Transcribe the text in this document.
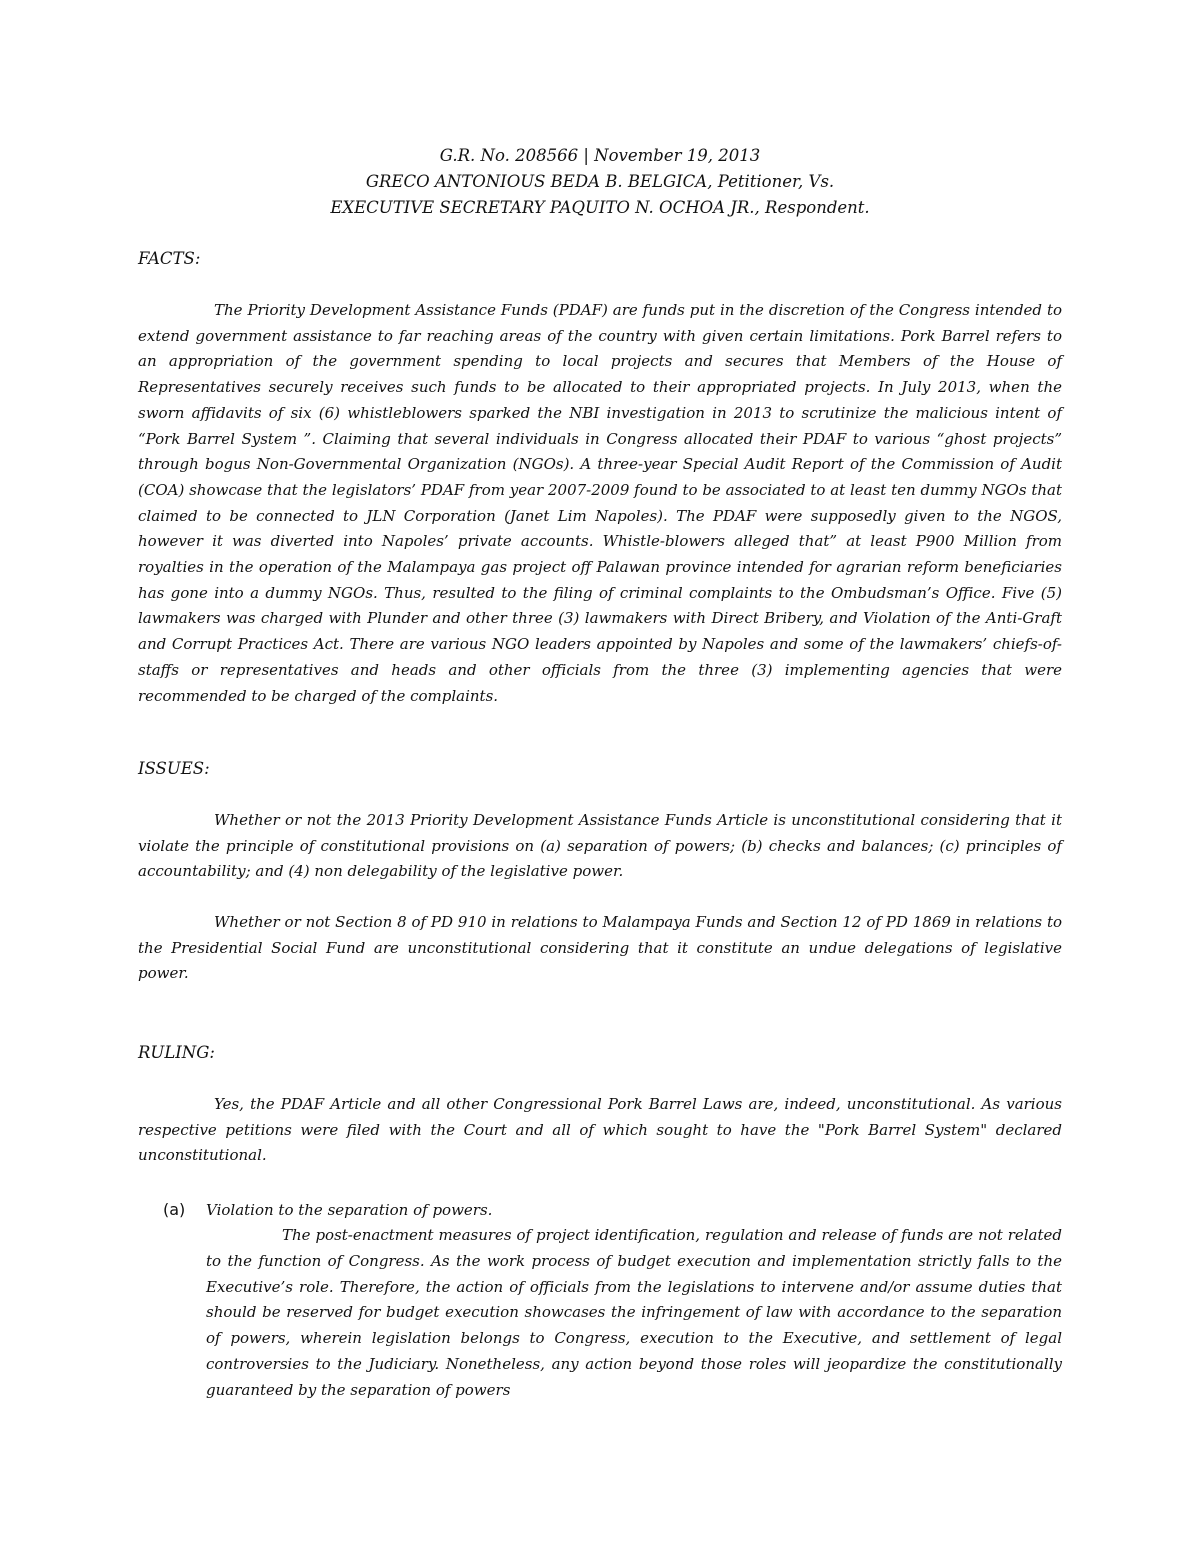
G.R. No. 208566 | November 19, 2013
GRECO ANTONIOUS BEDA B. BELGICA, Petitioner, Vs.
EXECUTIVE SECRETARY PAQUITO N. OCHOA JR., Respondent.
FACTS:

The Priority Development Assistance Funds (PDAF) are funds put in the discretion of the Congress intended to extend government assistance to far reaching areas of the country with given certain limitations. Pork Barrel refers to an appropriation of the government spending to local projects and secures that Members of the House of Representatives securely receives such funds to be allocated to their appropriated projects. In July 2013, when the sworn affidavits of six (6) whistleblowers sparked the NBI investigation in 2013 to scrutinize the malicious intent of “Pork Barrel System ”. Claiming that several individuals in Congress allocated their PDAF to various “ghost projects” through bogus Non-Governmental Organization (NGOs). A three-year Special Audit Report of the Commission of Audit (COA) showcase that the legislators’ PDAF from year 2007-2009 found to be associated to at least ten dummy NGOs that claimed to be connected to JLN Corporation (Janet Lim Napoles). The PDAF were supposedly given to the NGOS, however it was diverted into Napoles’ private accounts. Whistle-blowers alleged that” at least P900 Million from royalties in the operation of the Malampaya gas project off Palawan province intended for agrarian reform beneficiaries has gone into a dummy NGOs. Thus, resulted to the filing of criminal complaints to the Ombudsman’s Office. Five (5) lawmakers was charged with Plunder and other three (3) lawmakers with Direct Bribery, and Violation of the Anti-Graft and Corrupt Practices Act. There are various NGO leaders appointed by Napoles and some of the lawmakers’ chiefs-of-staffs or representatives and heads and other officials from the three (3) implementing agencies that were recommended to be charged of the complaints.

ISSUES:

Whether or not the 2013 Priority Development Assistance Funds Article is unconstitutional considering that it violate the principle of constitutional provisions on (a) separation of powers; (b) checks and balances; (c) principles of accountability; and (4) non delegability of the legislative power.

Whether or not Section 8 of PD 910 in relations to Malampaya Funds and Section 12 of PD 1869 in relations to the Presidential Social Fund are unconstitutional considering that it constitute an undue delegations of legislative power.

RULING:

Yes, the PDAF Article and all other Congressional Pork Barrel Laws are, indeed, unconstitutional. As various respective petitions were filed with the Court and all of which sought to have the "Pork Barrel System" declared unconstitutional.

(a) Violation to the separation of powers.

The post-enactment measures of project identification, regulation and release of funds are not related to the function of Congress. As the work process of budget execution and implementation strictly falls to the Executive’s role. Therefore, the action of officials from the legislations to intervene and/or assume duties that should be reserved for budget execution showcases the infringement of law with accordance to the separation of powers, wherein legislation belongs to Congress, execution to the Executive, and settlement of legal controversies to the Judiciary. Nonetheless, any action beyond those roles will jeopardize the constitutionally guaranteed by the separation of powers
